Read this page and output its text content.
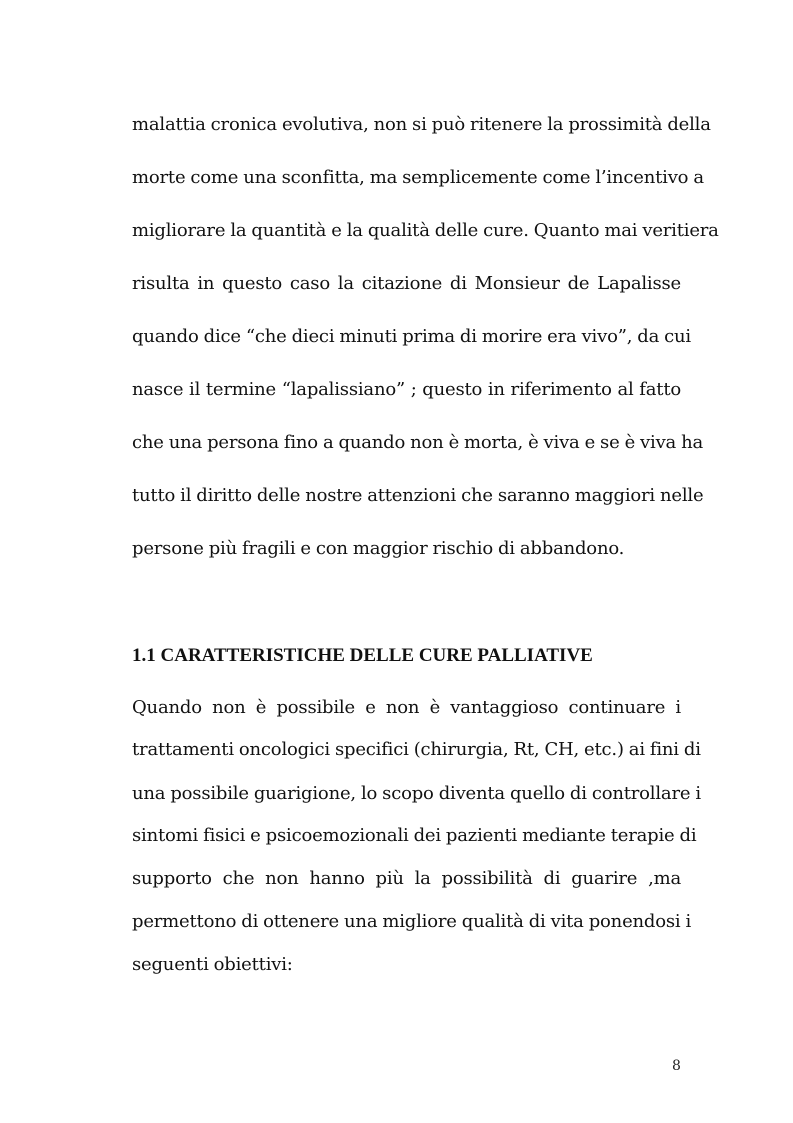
malattia cronica evolutiva, non si può ritenere la prossimità della
morte come una sconfitta, ma semplicemente come l’incentivo a
migliorare la quantità e la qualità delle cure. Quanto mai veritiera
risulta in questo caso la citazione di Monsieur de Lapalisse
quando dice “che dieci minuti prima di morire era vivo”, da cui
nasce il termine “lapalissiano” ; questo in riferimento al fatto
che una persona fino a quando non è morta, è viva e se è viva ha
tutto il diritto delle nostre attenzioni che saranno maggiori nelle
persone più fragili e con maggior rischio di abbandono.
1.1 CARATTERISTICHE DELLE CURE PALLIATIVE
Quando non è possibile e non è vantaggioso continuare i
trattamenti oncologici specifici (chirurgia, Rt, CH, etc.) ai fini di
una possibile guarigione, lo scopo diventa quello di controllare i
sintomi fisici e psicoemozionali dei pazienti mediante terapie di
supporto che non hanno più la possibilità di guarire ,ma
permettono di ottenere una migliore qualità di vita ponendosi i
seguenti obiettivi:
8
